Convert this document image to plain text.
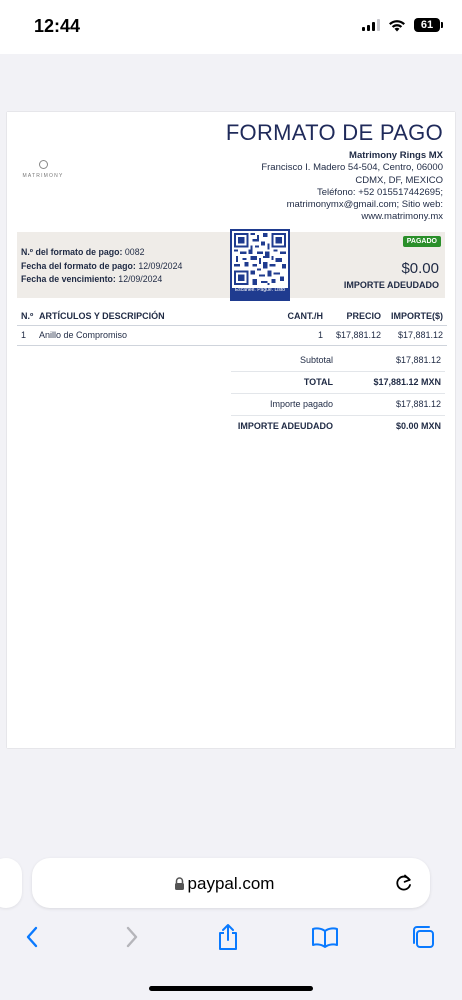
12:44	61
FORMATO DE PAGO
MATRIMONY
Matrimony Rings MX
Francisco I. Madero 54-504, Centro, 06000
CDMX, DF, MEXICO
Teléfono: +52 015517442695;
matrimonymx@gmail.com; Sitio web:
www.matrimony.mx
N.º del formato de pago: 0082
Fecha del formato de pago: 12/09/2024
Fecha de vencimiento: 12/09/2024
Escanee. Pague. Listo
PAGADO
$0.00
IMPORTE ADEUDADO
N.º ARTÍCULOS Y DESCRIPCIÓN	CANT./H	PRECIO IMPORTE($)
1 Anillo de Compromiso	1 $17,881.12 $17,881.12
Subtotal	$17,881.12
TOTAL	$17,881.12 MXN
Importe pagado	$17,881.12
IMPORTE ADEUDADO	$0.00 MXN
paypal.com
